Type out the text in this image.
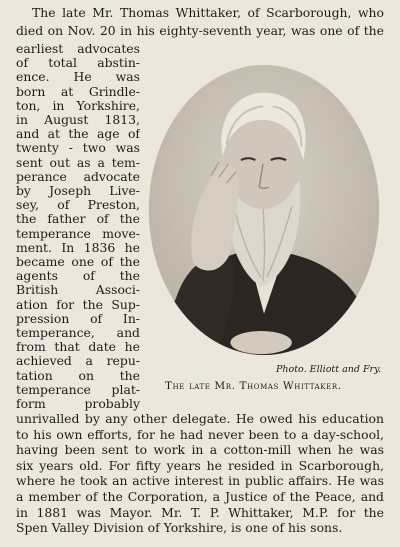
The late Mr. Thomas Whittaker, of Scarborough, who
died on Nov. 20 in his eighty-seventh year, was one of the
earliest advocates
of total abstin-
ence. He was
born at Grindle-
ton, in Yorkshire,
in August 1813,
and at the age of
twenty - two was
sent out as a tem-
perance advocate
by Joseph Live-
sey, of Preston,
the father of the
temperance move-
ment. In 1836 he
became one of the
agents of the
British Associ-
ation for the Sup-
pression of In-
temperance, and
from that date he
achieved a repu-
tation on the
temperance plat-
form probably
Photo. Elliott and Fry.
The late Mr. Thomas Whittaker.
unrivalled by any other delegate. He owed his education
to his own efforts, for he had never been to a day-school,
having been sent to work in a cotton-mill when he was
six years old. For fifty years he resided in Scarborough,
where he took an active interest in public affairs. He was
a member of the Corporation, a Justice of the Peace, and
in 1881 was Mayor. Mr. T. P. Whittaker, M.P. for the
Spen Valley Division of Yorkshire, is one of his sons.
